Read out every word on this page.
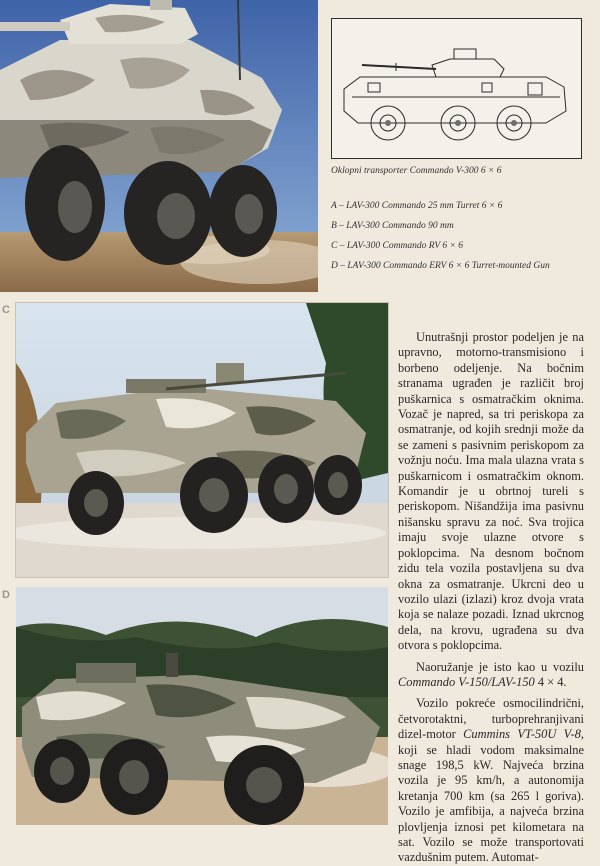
Oklopni transporter Commando V-300 6 × 6
A – LAV-300 Commando 25 mm Turret 6 × 6
B – LAV-300 Commando 90 mm
C – LAV-300 Commando RV 6 × 6
D – LAV-300 Commando ERV 6 × 6 Turret-mounted Gun
C
D

Unutrašnji prostor podeljen je na upravno, motorno-transmisiono i borbeno odeljenje. Na bočnim stranama ugrađen je različit broj puškarnica s osmatračkim oknima. Vozač je napred, sa tri periskopa za osmatranje, od kojih srednji može da se zameni s pasivnim periskopom za vožnju noću. Ima mala ulazna vrata s puškarnicom i osmatračkim oknom. Komandir je u obrtnoj tureli s periskopom. Nišandžija ima pasivnu nišansku spravu za noć. Sva trojica imaju svoje ulazne otvore s poklopcima. Na desnom bočnom zidu tela vozila postavljena su dva okna za osmatranje. Ukrcni deo u vozilo ulazi (izlazi) kroz dvoja vrata koja se nalaze pozadi. Iznad ukrcnog dela, na krovu, ugrađena su dva otvora s poklopcima.

Naoružanje je isto kao u vozilu Commando V-150/LAV-150 4 × 4.

Vozilo pokreće osmocilindrični, četvorotaktni, turboprehranjivani dizel-motor Cummins VT-50U V-8, koji se hladi vodom maksimalne snage 198,5 kW. Najveća brzina vozila je 95 km/h, a autonomija kretanja 700 km (sa 265 l goriva). Vozilo je amfibija, a najveća brzina plovljenja iznosi pet kilometara na sat. Vozilo se može transportovati vazdušnim putem. Automat-
